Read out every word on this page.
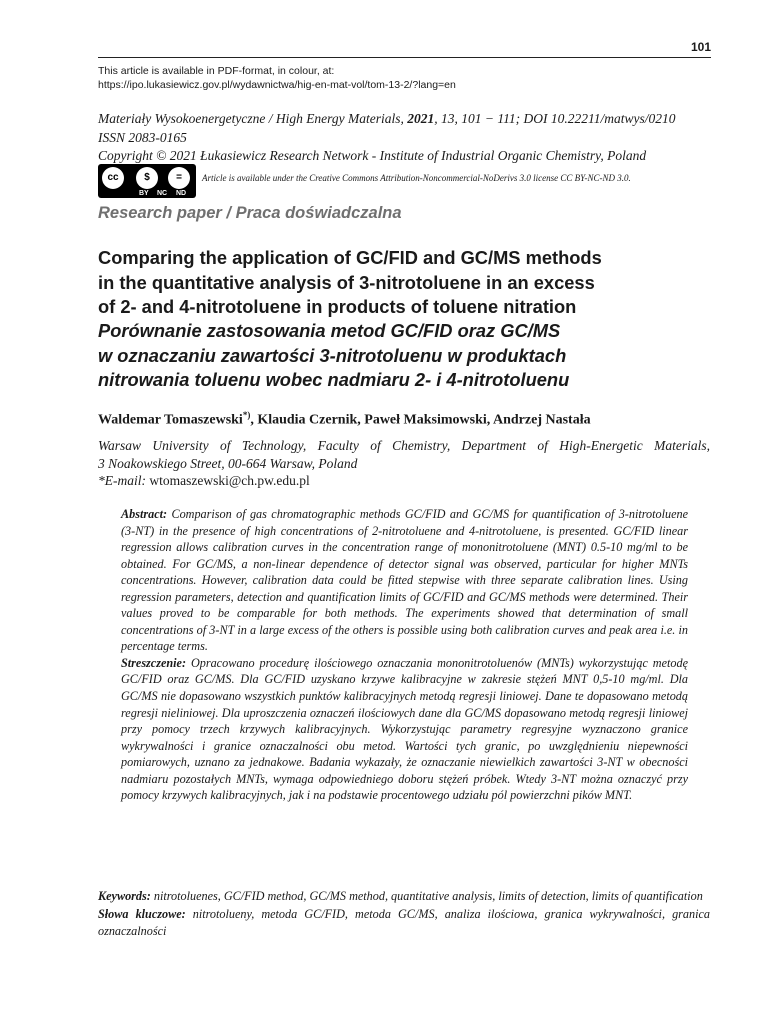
101
This article is available in PDF-format, in colour, at:
https://ipo.lukasiewicz.gov.pl/wydawnictwa/hig-en-mat-vol/tom-13-2/?lang=en
Materiały Wysokoenergetyczne / High Energy Materials, 2021, 13, 101 − 111; DOI 10.22211/matwys/0210
ISSN 2083-0165
Copyright © 2021 Łukasiewicz Research Network - Institute of Industrial Organic Chemistry, Poland
cc	$	=
BY NC ND
Article is available under the Creative Commons Attribution-Noncommercial-NoDerivs 3.0 license CC BY-NC-ND 3.0.
Research paper / Praca doświadczalna
Comparing the application of GC/FID and GC/MS methods
in the quantitative analysis of 3-nitrotoluene in an excess
of 2- and 4-nitrotoluene in products of toluene nitration
Porównanie zastosowania metod GC/FID oraz GC/MS
w oznaczaniu zawartości 3-nitrotoluenu w produktach
nitrowania toluenu wobec nadmiaru 2- i 4-nitrotoluenu
Waldemar Tomaszewski*), Klaudia Czernik, Paweł Maksimowski, Andrzej Nastała
Warsaw University of Technology, Faculty of Chemistry, Department of High-Energetic Materials,
3 Noakowskiego Street, 00-664 Warsaw, Poland
*E-mail: wtomaszewski@ch.pw.edu.pl

Abstract: Comparison of gas chromatographic methods GC/FID and GC/MS for quantification of 3-nitrotoluene (3-NT) in the presence of high concentrations of 2-nitrotoluene and 4-nitrotoluene, is presented. GC/FID linear regression allows calibration curves in the concentration range of mononitrotoluene (MNT) 0.5-10 mg/ml to be obtained. For GC/MS, a non-linear dependence of detector signal was observed, particular for higher MNTs concentrations. However, calibration data could be fitted stepwise with three separate calibration lines. Using regression parameters, detection and quantification limits of GC/FID and GC/MS methods were determined. Their values proved to be comparable for both methods. The experiments showed that determination of small concentrations of 3-NT in a large excess of the others is possible using both calibration curves and peak area i.e. in percentage terms.

Streszczenie: Opracowano procedurę ilościowego oznaczania mononitrotoluenów (MNTs) wykorzystując metodę GC/FID oraz GC/MS. Dla GC/FID uzyskano krzywe kalibracyjne w zakresie stężeń MNT 0,5-10 mg/ml. Dla GC/MS nie dopasowano wszystkich punktów kalibracyjnych metodą regresji liniowej. Dane te dopasowano metodą regresji nieliniowej. Dla uproszczenia oznaczeń ilościowych dane dla GC/MS dopasowano metodą regresji liniowej przy pomocy trzech krzywych kalibracyjnych. Wykorzystując parametry regresyjne wyznaczono granice wykrywalności i granice oznaczalności obu metod. Wartości tych granic, po uwzględnieniu niepewności pomiarowych, uznano za jednakowe. Badania wykazały, że oznaczanie niewielkich zawartości 3-NT w obecności nadmiaru pozostałych MNTs, wymaga odpowiedniego doboru stężeń próbek. Wtedy 3-NT można oznaczyć przy pomocy krzywych kalibracyjnych, jak i na podstawie procentowego udziału pól powierzchni pików MNT.

Keywords: nitrotoluenes, GC/FID method, GC/MS method, quantitative analysis, limits of detection, limits of quantification

Słowa kluczowe: nitrotolueny, metoda GC/FID, metoda GC/MS, analiza ilościowa, granica wykrywalności, granica oznaczalności
